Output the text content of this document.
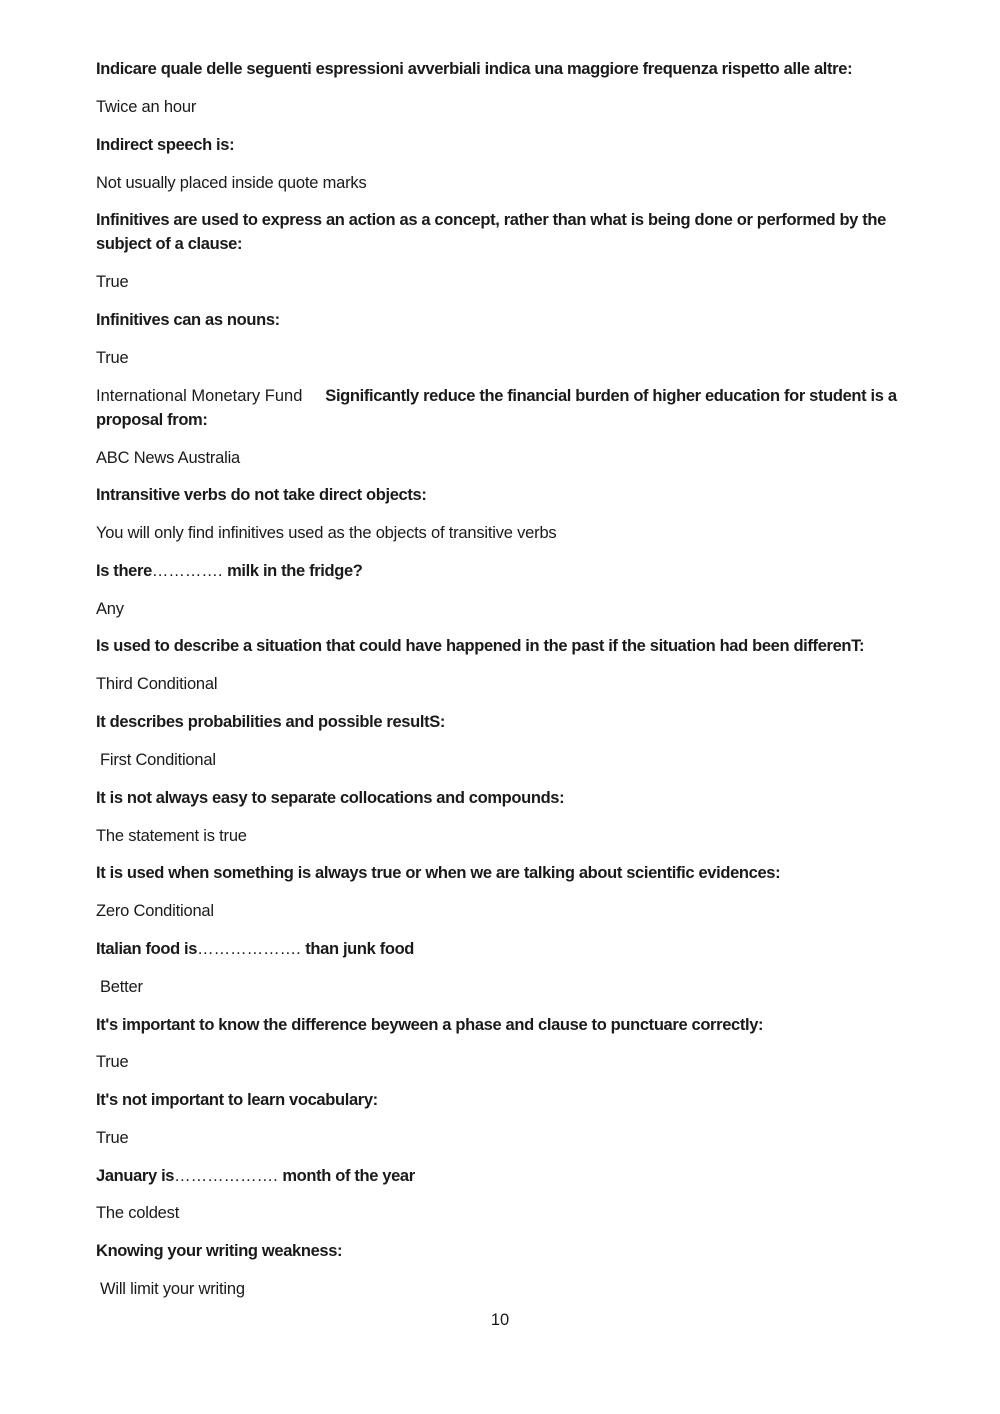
Indicare quale delle seguenti espressioni avverbiali indica una maggiore frequenza rispetto alle altre:
Twice an hour
Indirect speech is:
Not usually placed inside quote marks
Infinitives are used to express an action as a concept, rather than what is being done or performed by the subject of a clause:
True
Infinitives can as nouns:
True
International Monetary Fund Significantly reduce the financial burden of higher education for student is a proposal from:
ABC News Australia
Intransitive verbs do not take direct objects:
You will only find infinitives used as the objects of transitive verbs
Is there…………. milk in the fridge?
Any
Is used to describe a situation that could have happened in the past if the situation had been differenT:
Third Conditional
It describes probabilities and possible resultS:
First Conditional
It is not always easy to separate collocations and compounds:
The statement is true
It is used when something is always true or when we are talking about scientific evidences:
Zero Conditional
Italian food is………………. than junk food
Better
It's important to know the difference beyween a phase and clause to punctuare correctly:
True
It's not important to learn vocabulary:
True
January is………………. month of the year
The coldest
Knowing your writing weakness:
Will limit your writing
10
